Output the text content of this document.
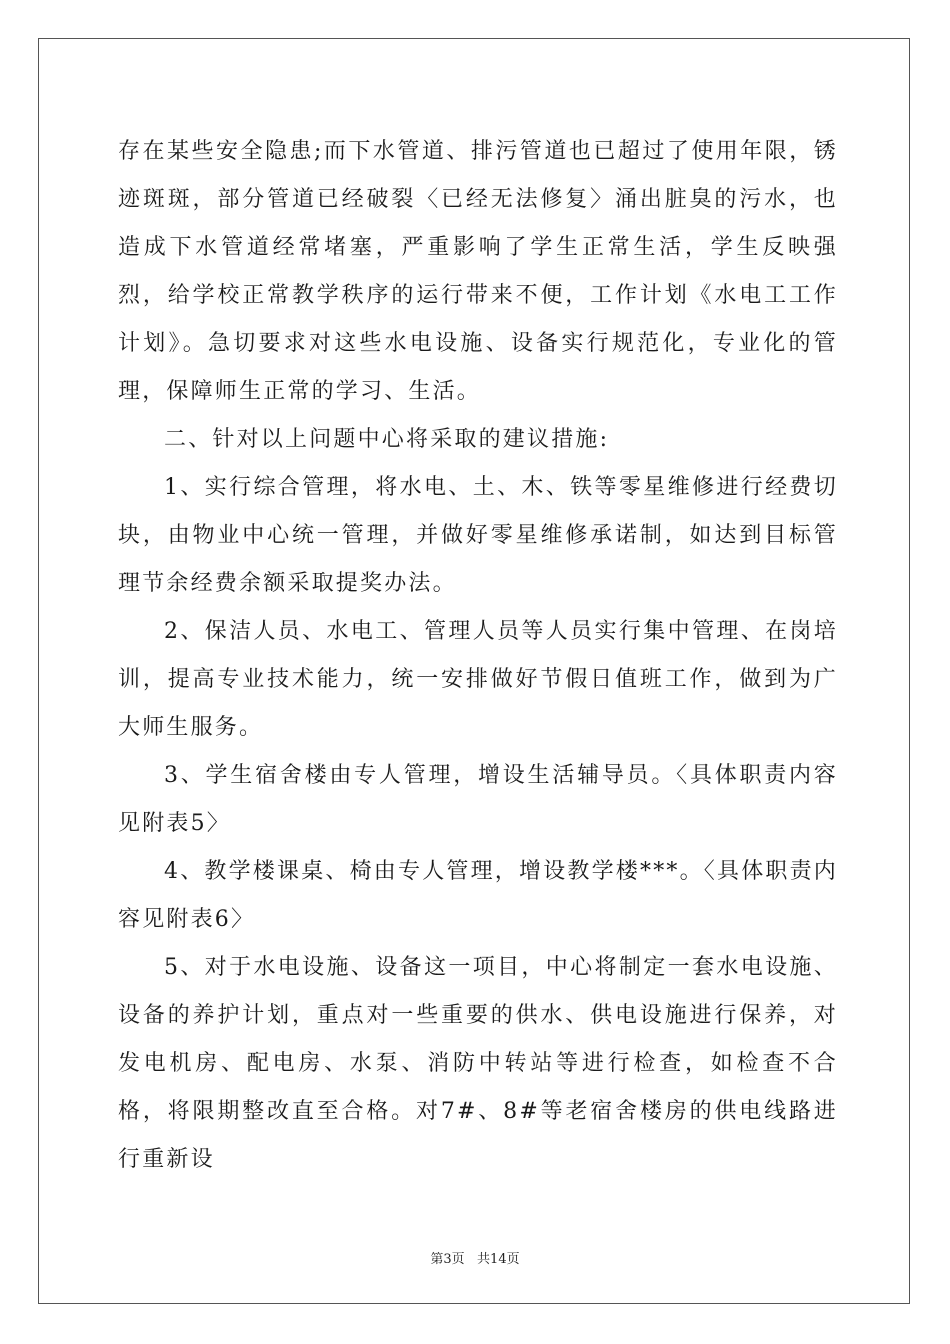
存在某些安全隐患;而下水管道、排污管道也已超过了使用年限，锈迹斑斑，部分管道已经破裂〈已经无法修复〉涌出脏臭的污水，也造成下水管道经常堵塞，严重影响了学生正常生活，学生反映强烈，给学校正常教学秩序的运行带来不便，工作计划《水电工工作计划》。急切要求对这些水电设施、设备实行规范化，专业化的管理，保障师生正常的学习、生活。

二、针对以上问题中心将采取的建议措施:

1、实行综合管理，将水电、土、木、铁等零星维修进行经费切块，由物业中心统一管理，并做好零星维修承诺制，如达到目标管理节余经费余额采取提奖办法。

2、保洁人员、水电工、管理人员等人员实行集中管理、在岗培训，提高专业技术能力，统一安排做好节假日值班工作，做到为广大师生服务。

3、学生宿舍楼由专人管理，增设生活辅导员。〈具体职责内容见附表5〉

4、教学楼课桌、椅由专人管理，增设教学楼***。〈具体职责内容见附表6〉

5、对于水电设施、设备这一项目，中心将制定一套水电设施、设备的养护计划，重点对一些重要的供水、供电设施进行保养，对发电机房、配电房、水泵、消防中转站等进行检查，如检查不合格，将限期整改直至合格。对7#、8#等老宿舍楼房的供电线路进行重新设

第3页   共14页
